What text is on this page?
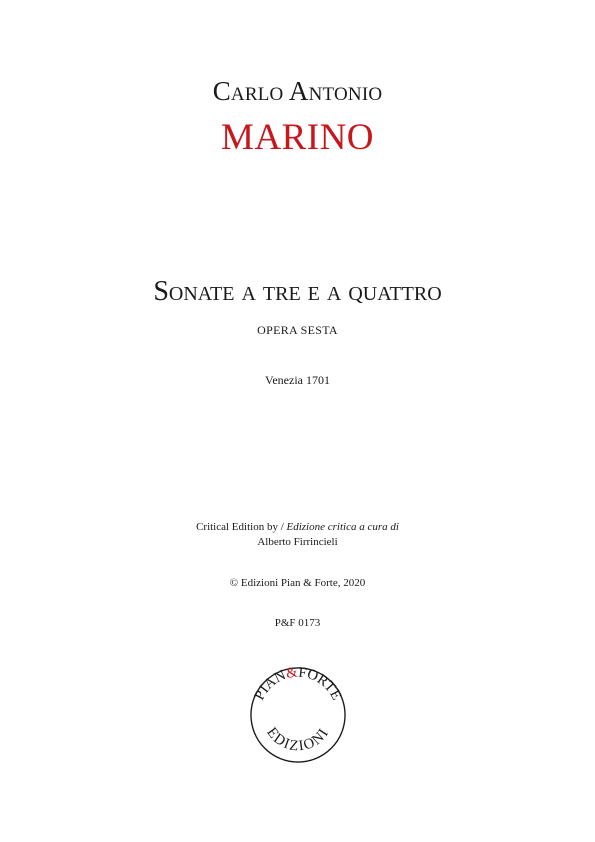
Carlo Antonio
MARINO
Sonate a tre e a quattro
OPERA SESTA
Venezia 1701
Critical Edition by / Edizione critica a cura di
Alberto Firrincieli
© Edizioni Pian & Forte, 2020
P&F 0173
PIAN&FORTE
EDIZIONI
